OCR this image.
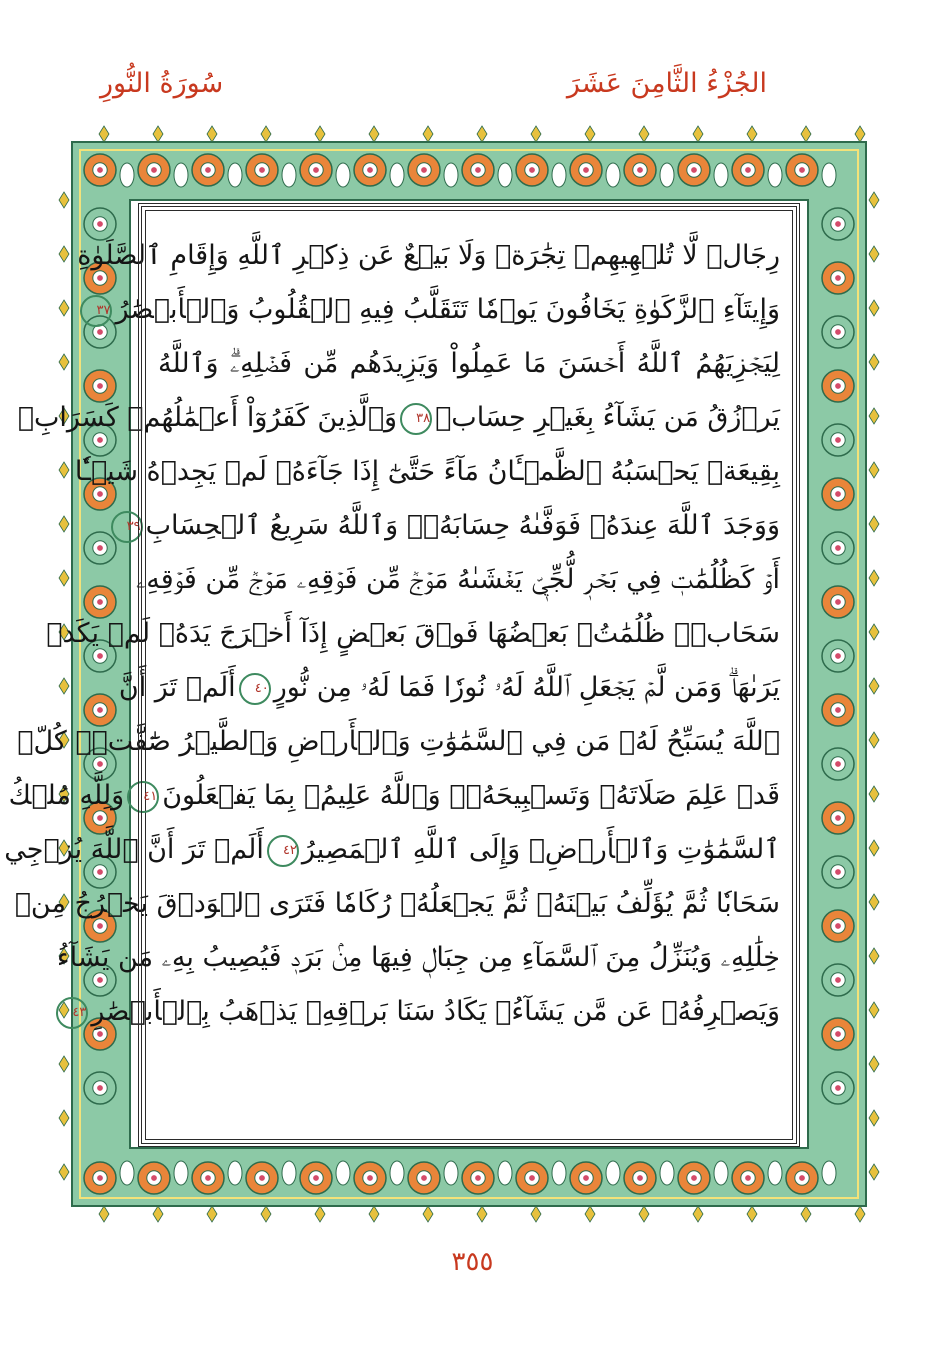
سُورَةُ النُّورِ	الجُزْءُ الثَّامِنَ عَشَرَ
رِجَالٞ لَّا تُلۡهِيهِمۡ تِجَٰرَةٞ وَلَا بَيۡعٌ عَن ذِكۡرِ ٱللَّهِ وَإِقَامِ ٱلصَّلَوٰةِ
وَإِيتَآءِ ٱلزَّكَوٰةِ يَخَافُونَ يَوۡمٗا تَتَقَلَّبُ فِيهِ ٱلۡقُلُوبُ وَٱلۡأَبۡصَٰرُ٣٧
لِيَجۡزِيَهُمُ ٱللَّهُ أَحۡسَنَ مَا عَمِلُواْ وَيَزِيدَهُم مِّن فَضۡلِهِۦۗ وَٱللَّهُ
يَرۡزُقُ مَن يَشَآءُ بِغَيۡرِ حِسَابٖ٣٨وَٱلَّذِينَ كَفَرُوٓاْ أَعۡمَٰلُهُمۡ كَسَرَابِۭ
بِقِيعَةٖ يَحۡسَبُهُ ٱلظَّمۡـَٔانُ مَآءً حَتَّىٰٓ إِذَا جَآءَهُۥ لَمۡ يَجِدۡهُ شَيۡـٔٗا
وَوَجَدَ ٱللَّهَ عِندَهُۥ فَوَفَّىٰهُ حِسَابَهُۥۗ وَٱللَّهُ سَرِيعُ ٱلۡحِسَابِ٣٩
أَوۡ كَظُلُمَٰتٖ فِي بَحۡرٖ لُّجِّيّٖ يَغۡشَىٰهُ مَوۡجٞ مِّن فَوۡقِهِۦ مَوۡجٞ مِّن فَوۡقِهِۦ
سَحَابٞۚ ظُلُمَٰتُۢ بَعۡضُهَا فَوۡقَ بَعۡضٍ إِذَآ أَخۡرَجَ يَدَهُۥ لَمۡ يَكَدۡ
يَرَىٰهَاۗ وَمَن لَّمۡ يَجۡعَلِ ٱللَّهُ لَهُۥ نُورٗا فَمَا لَهُۥ مِن نُّورٍ٤٠أَلَمۡ تَرَ أَنَّ
ٱللَّهَ يُسَبِّحُ لَهُۥ مَن فِي ٱلسَّمَٰوَٰتِ وَٱلۡأَرۡضِ وَٱلطَّيۡرُ صَٰٓفَّٰتٖۖ كُلّٞ
قَدۡ عَلِمَ صَلَاتَهُۥ وَتَسۡبِيحَهُۥۗ وَٱللَّهُ عَلِيمُۢ بِمَا يَفۡعَلُونَ٤١وَلِلَّهِ مُلۡكُ
ٱلسَّمَٰوَٰتِ وَٱلۡأَرۡضِۖ وَإِلَى ٱللَّهِ ٱلۡمَصِيرُ٤٢أَلَمۡ تَرَ أَنَّ ٱللَّهَ يُزۡجِي
سَحَابٗا ثُمَّ يُؤَلِّفُ بَيۡنَهُۥ ثُمَّ يَجۡعَلُهُۥ رُكَامٗا فَتَرَى ٱلۡوَدۡقَ يَخۡرُجُ مِنۡ
خِلَٰلِهِۦ وَيُنَزِّلُ مِنَ ٱلسَّمَآءِ مِن جِبَالٖ فِيهَا مِنۢ بَرَدٖ فَيُصِيبُ بِهِۦ مَن يَشَآءُ
وَيَصۡرِفُهُۥ عَن مَّن يَشَآءُۖ يَكَادُ سَنَا بَرۡقِهِۦ يَذۡهَبُ بِٱلۡأَبۡصَٰرِ٤٣
٣٥٥
